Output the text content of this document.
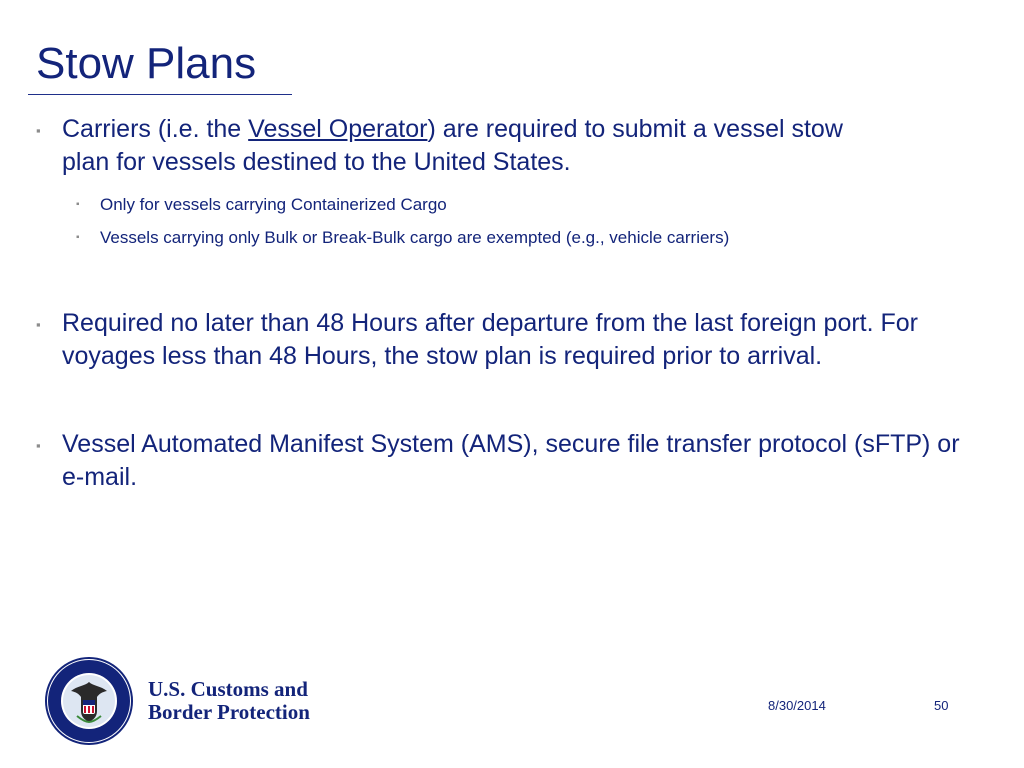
Stow Plans
▪ Carriers (i.e. the Vessel Operator) are required to submit a vessel stow plan for vessels destined to the United States.
▪ Only for vessels carrying Containerized Cargo
▪ Vessels carrying only Bulk or Break-Bulk cargo are exempted (e.g., vehicle carriers)
▪ Required no later than 48 Hours after departure from the last foreign port. For voyages less than 48 Hours, the stow plan is required prior to arrival.
▪ Vessel Automated Manifest System (AMS), secure file transfer protocol (sFTP) or e-mail.
U.S. Customs and
Border Protection	8/30/2014	50
